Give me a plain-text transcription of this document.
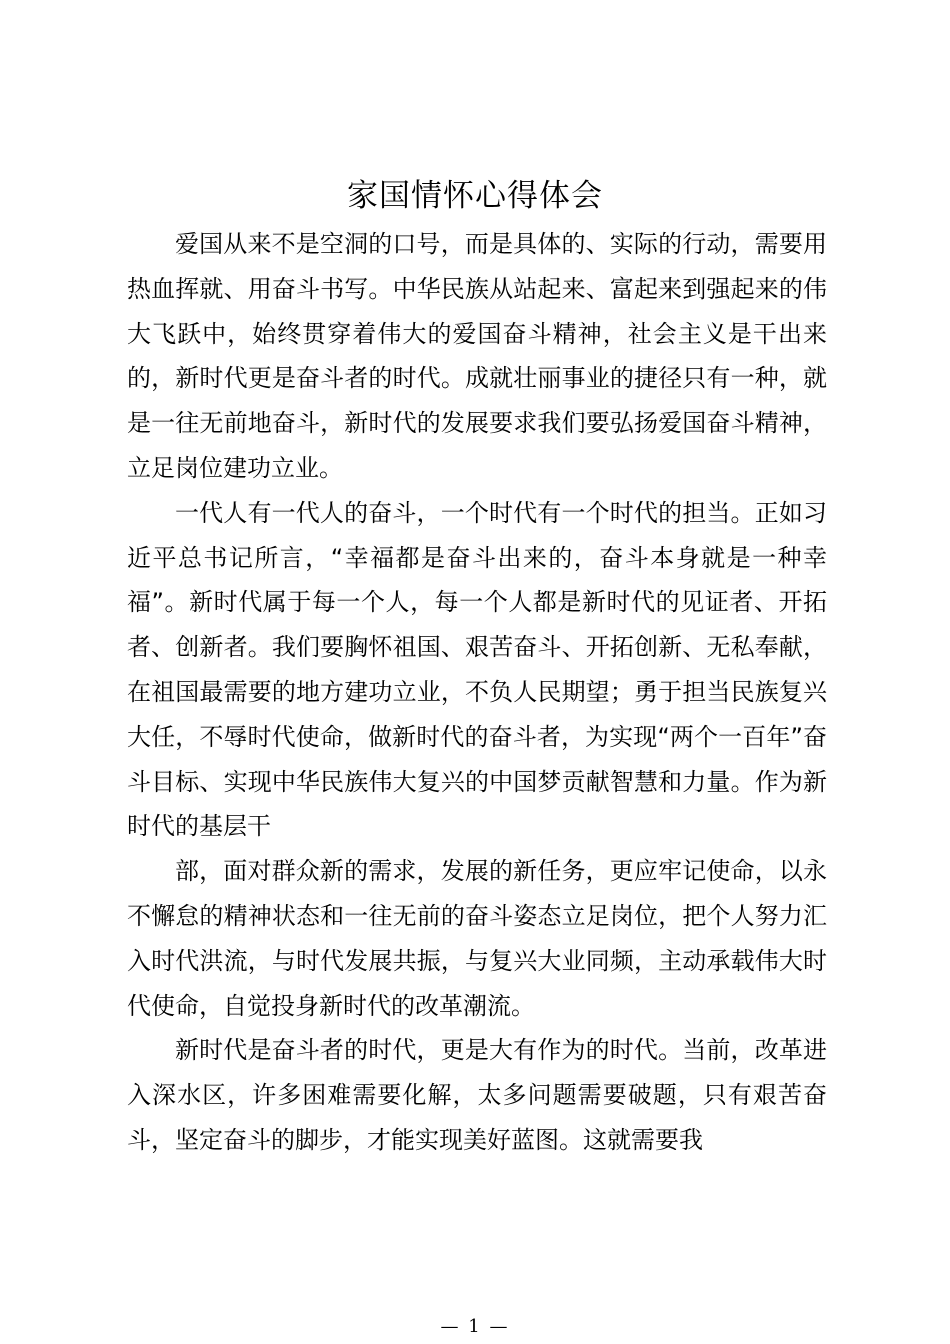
家国情怀心得体会

爱国从来不是空洞的口号，而是具体的、实际的行动，需要用热血挥就、用奋斗书写。中华民族从站起来、富起来到强起来的伟大飞跃中，始终贯穿着伟大的爱国奋斗精神，社会主义是干出来的，新时代更是奋斗者的时代。成就壮丽事业的捷径只有一种，就是一往无前地奋斗，新时代的发展要求我们要弘扬爱国奋斗精神，立足岗位建功立业。

一代人有一代人的奋斗，一个时代有一个时代的担当。正如习近平总书记所言，“幸福都是奋斗出来的，奋斗本身就是一种幸福”。新时代属于每一个人，每一个人都是新时代的见证者、开拓者、创新者。我们要胸怀祖国、艰苦奋斗、开拓创新、无私奉献，在祖国最需要的地方建功立业，不负人民期望；勇于担当民族复兴大任，不辱时代使命，做新时代的奋斗者，为实现“两个一百年”奋斗目标、实现中华民族伟大复兴的中国梦贡献智慧和力量。作为新时代的基层干

部，面对群众新的需求，发展的新任务，更应牢记使命，以永不懈怠的精神状态和一往无前的奋斗姿态立足岗位，把个人努力汇入时代洪流，与时代发展共振，与复兴大业同频，主动承载伟大时代使命，自觉投身新时代的改革潮流。

新时代是奋斗者的时代，更是大有作为的时代。当前，改革进入深水区，许多困难需要化解，太多问题需要破题，只有艰苦奋斗，坚定奋斗的脚步，才能实现美好蓝图。这就需要我

— 1 —
